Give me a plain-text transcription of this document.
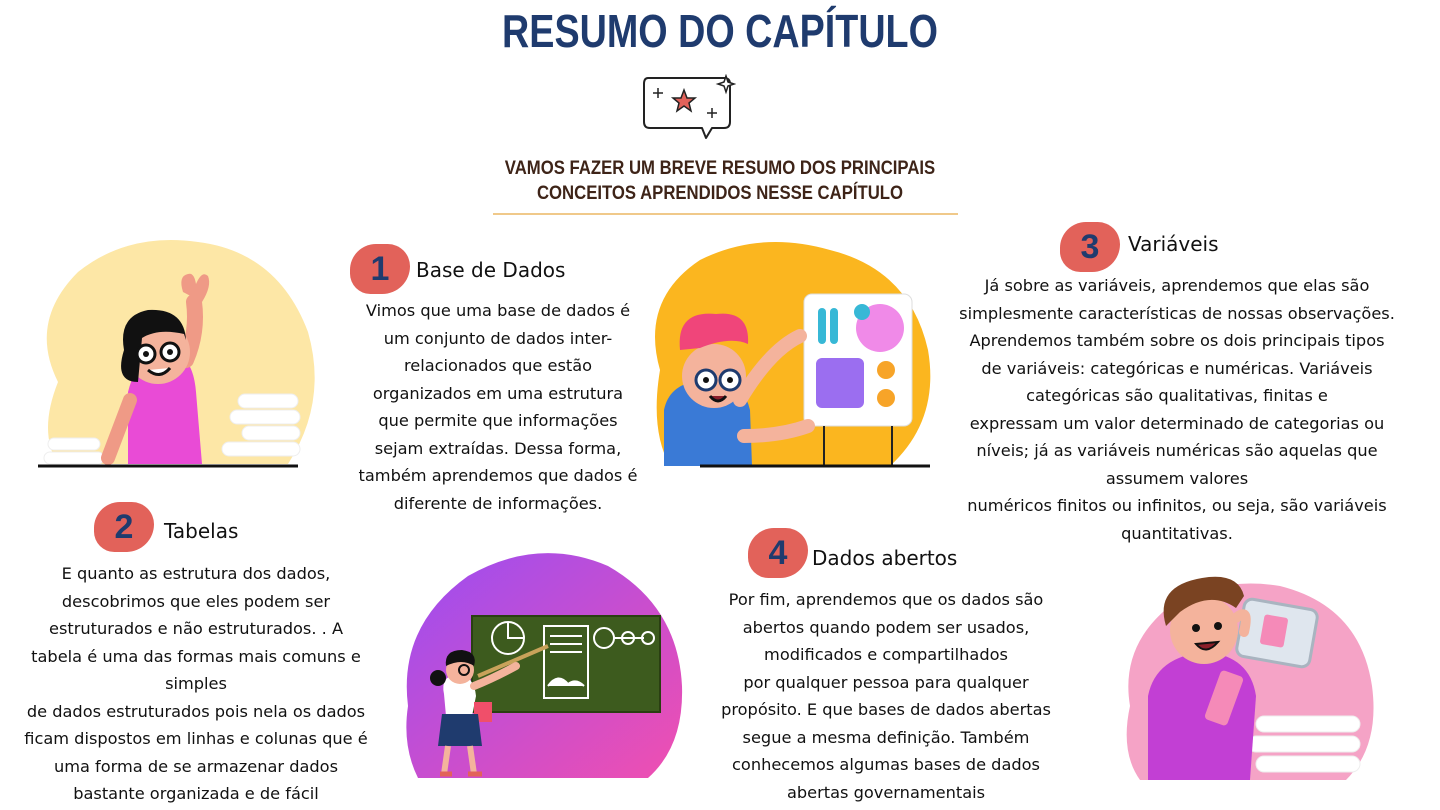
RESUMO DO CAPÍTULO
VAMOS FAZER UM BREVE RESUMO DOS PRINCIPAIS
CONCEITOS APRENDIDOS NESSE CAPÍTULO
1	Base de Dados
Vimos que uma base de dados é
um conjunto de dados inter-
relacionados que estão
organizados em uma estrutura
que permite que informações
sejam extraídas. Dessa forma,
também aprendemos que dados é
diferente de informações.
3	Variáveis
Já sobre as variáveis, aprendemos que elas são
simplesmente características de nossas observações.
Aprendemos também sobre os dois principais tipos
de variáveis: categóricas e numéricas. Variáveis
categóricas são qualitativas, finitas e
expressam um valor determinado de categorias ou
níveis; já as variáveis numéricas são aquelas que
assumem valores
numéricos finitos ou infinitos, ou seja, são variáveis
quantitativas.
2	Tabelas
E quanto as estrutura dos dados,
descobrimos que eles podem ser
estruturados e não estruturados. . A
tabela é uma das formas mais comuns e
simples
de dados estruturados pois nela os dados
ficam dispostos em linhas e colunas que é
uma forma de se armazenar dados
bastante organizada e de fácil
4	Dados abertos
Por fim, aprendemos que os dados são
abertos quando podem ser usados,
modificados e compartilhados
por qualquer pessoa para qualquer
propósito. E que bases de dados abertas
segue a mesma definição. Também
conhecemos algumas bases de dados
abertas governamentais
